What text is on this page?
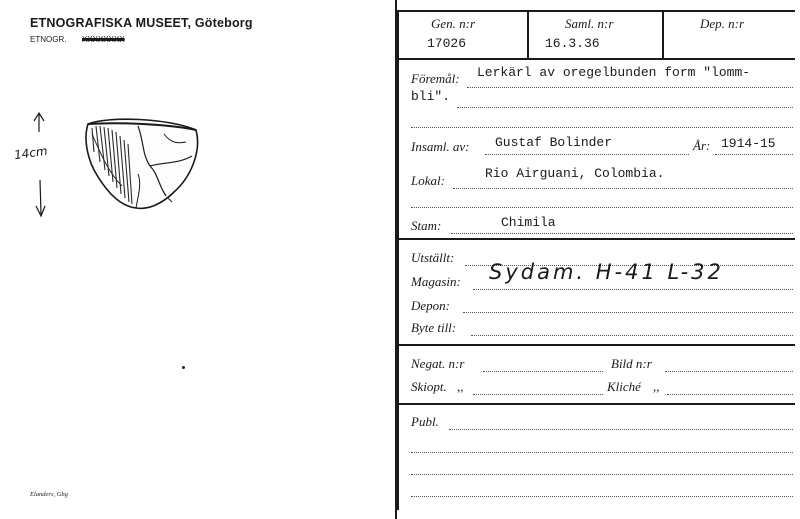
ETNOGRAFISKA MUSEET, Göteborg
ETNOGR. XXXXXXXX
14cm
Elanders, Gbg
Gen. n:r
17026
Saml. n:r
16.3.36
Dep. n:r
Föremål: Lerkärl av oregelbunden form "lomm-
bli".
Insaml. av: Gustaf Bolinder	År: 1914-15
Lokal:	Rio Airguani, Colombia.
Stam:	Chimila
Utställt:
Magasin: Sydam. H-41 L-32
Depon:
Byte till:
Negat. n:r	Bild n:r
Skiopt. ,,	Kliché ,,
Publ.
